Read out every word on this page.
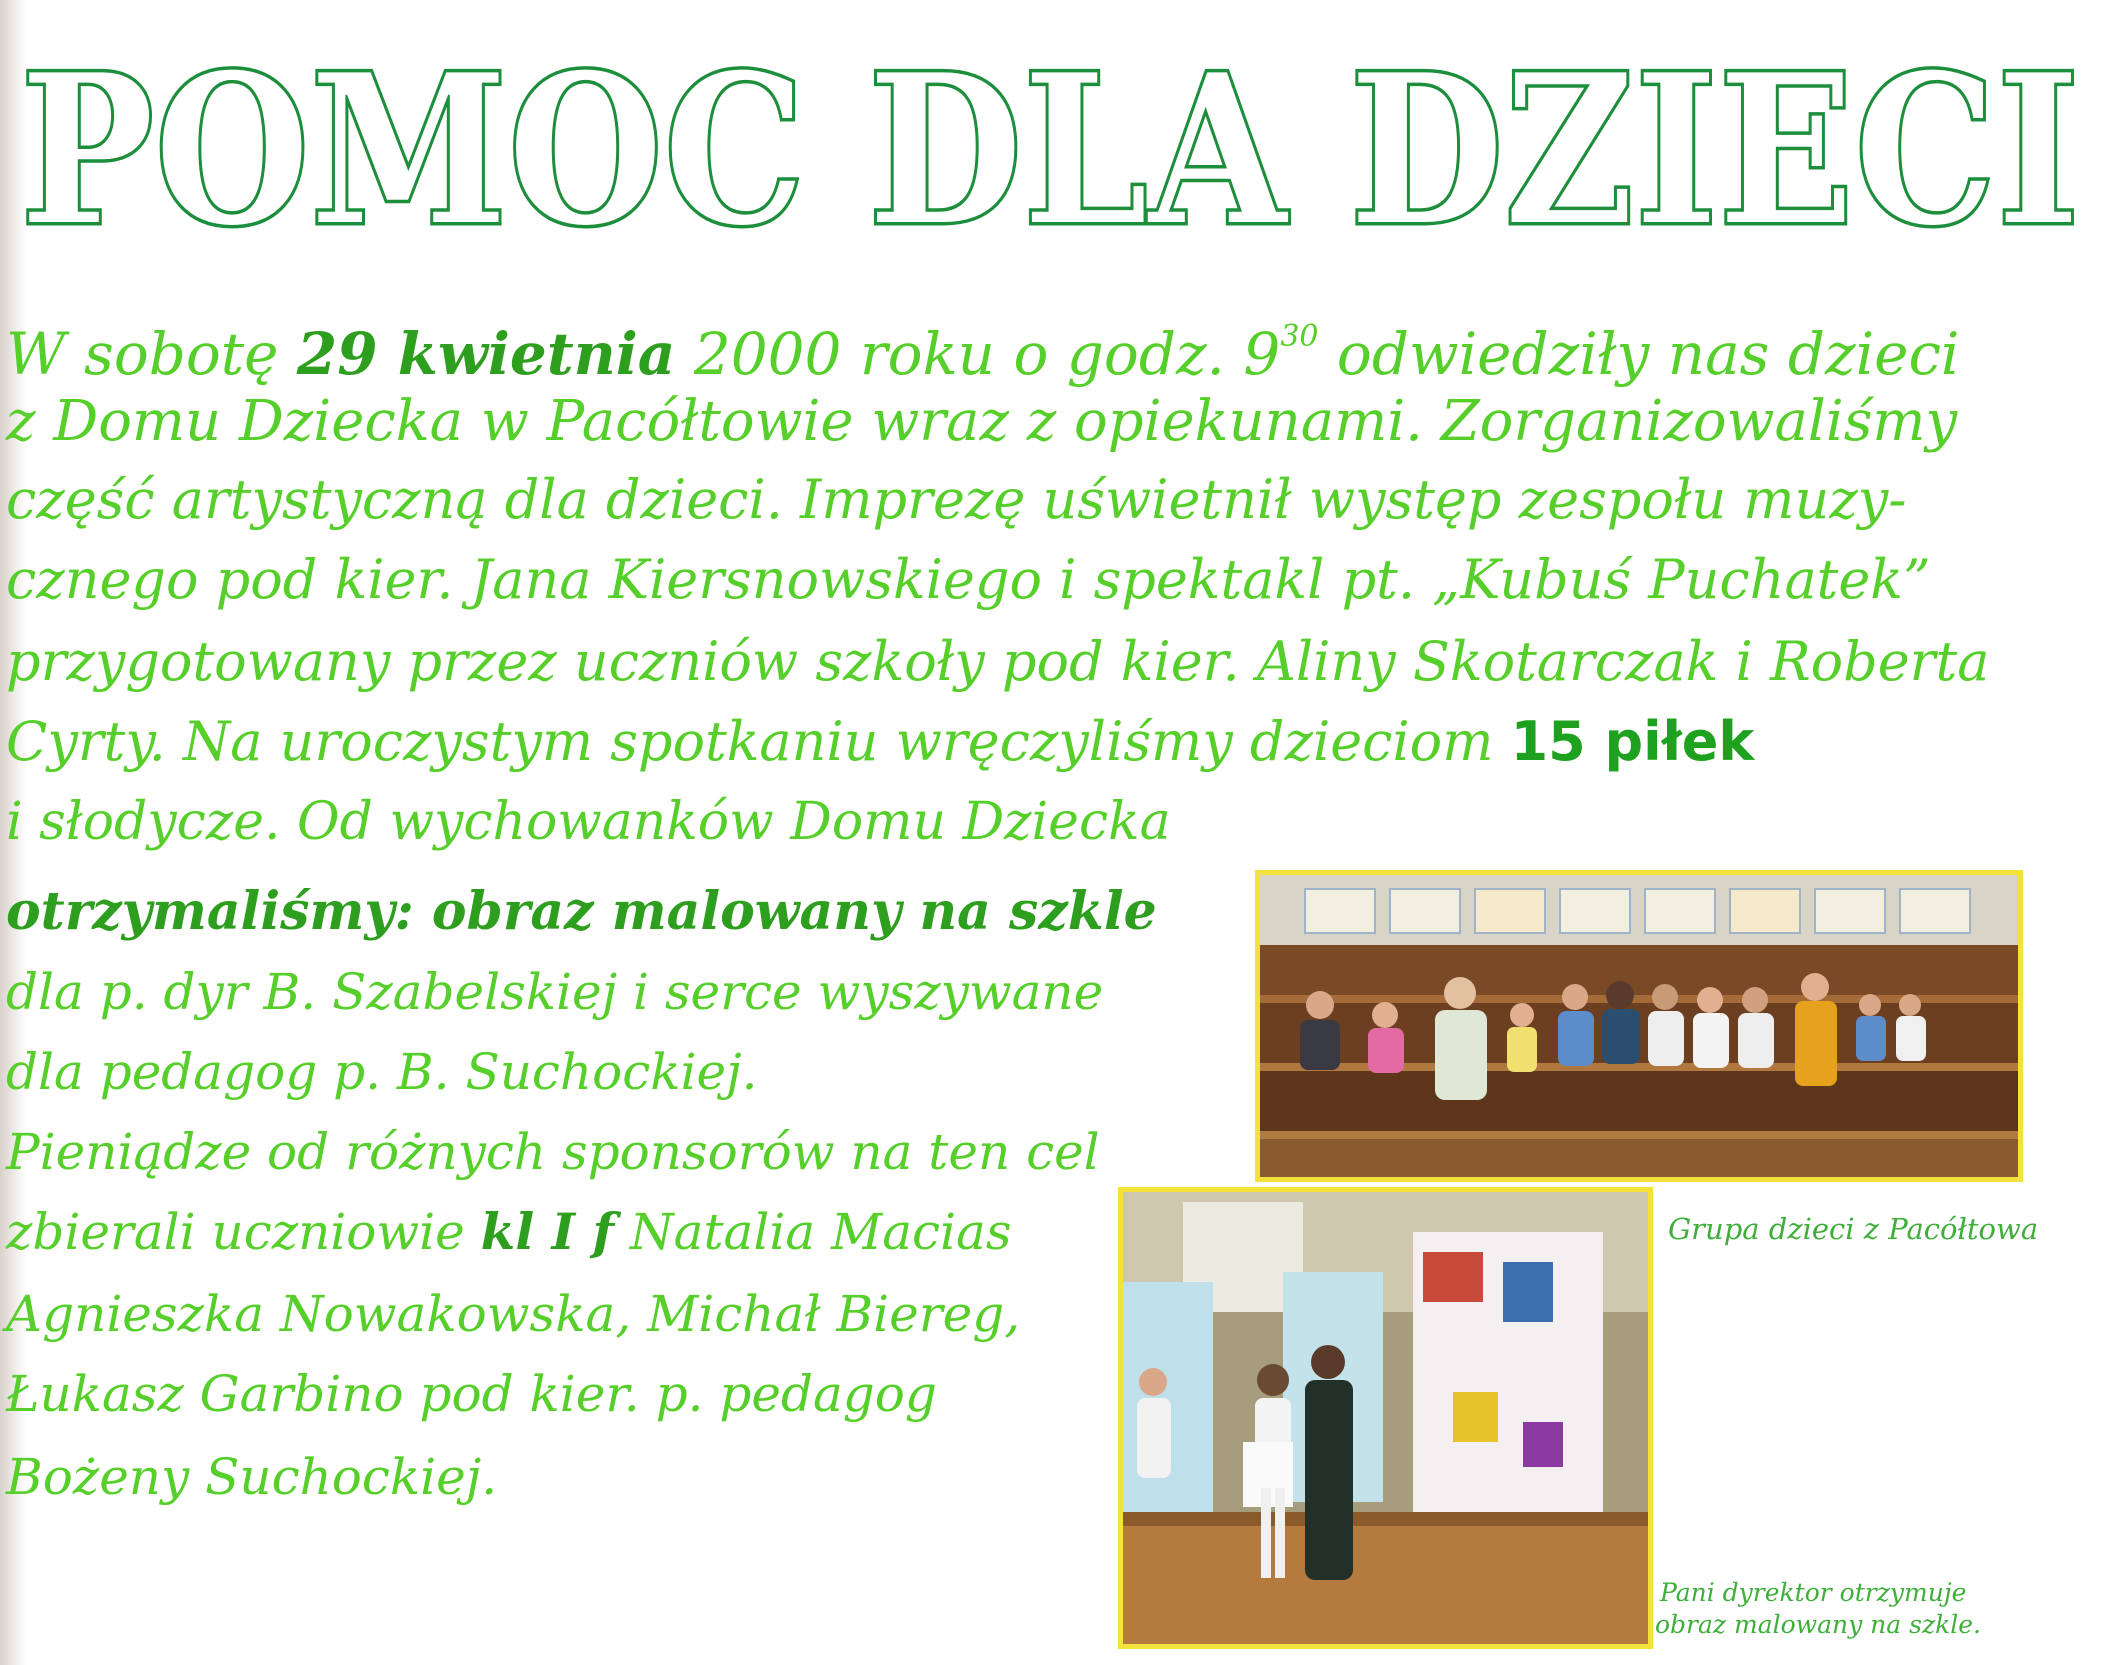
POMOC DLA DZIECI
POMOC DLA DZIECI
W sobotę 29 kwietnia 2000 roku o godz. $9^{30}$ odwiedziły nas dzieci
z Domu Dziecka w Pacółtowie wraz z opiekunami. Zorganizowaliśmy
część artystyczną dla dzieci. Imprezę uświetnił występ zespołu muzy-
cznego pod kier. Jana Kiersnowskiego i spektakl pt. „Kubuś Puchatek”
przygotowany przez uczniów szkoły pod kier. Aliny Skotarczak i Roberta
Cyrty. Na uroczystym spotkaniu wręczyliśmy dzieciom 15 piłek
i słodycze. Od wychowanków Domu Dziecka
otrzymaliśmy: obraz malowany na szkle
dla p. dyr B. Szabelskiej i serce wyszywane
dla pedagog p. B. Suchockiej.
Pieniądze od różnych sponsorów na ten cel
zbierali uczniowie kl I f Natalia Macias
Agnieszka Nowakowska, Michał Biereg,
Łukasz Garbino pod kier. p. pedagog
Bożeny Suchockiej.
Grupa dzieci z Pacółtowa
Pani dyrektor otrzymuje
obraz malowany na szkle.
